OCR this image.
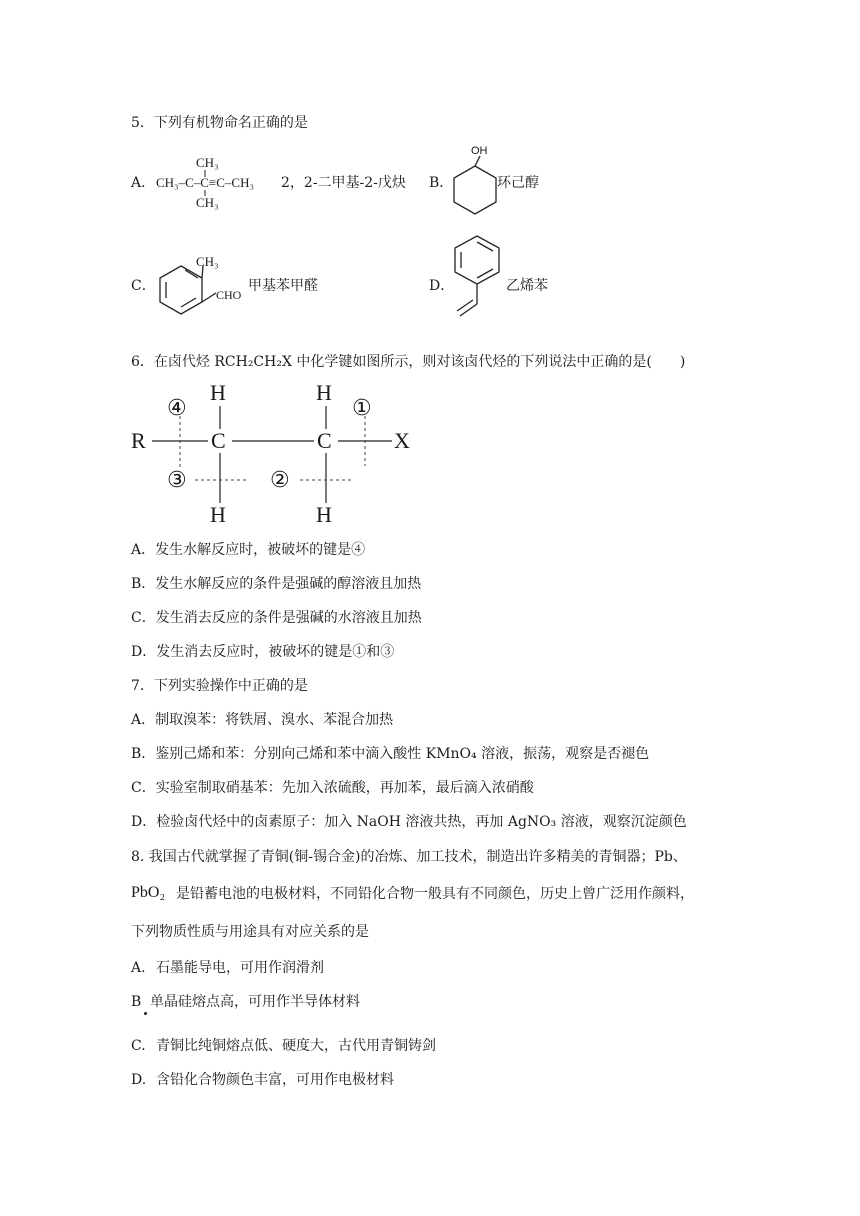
5．下列有机物命名正确的是
A．
CH₃
CH₃–C–C≡C–CH₃
CH₃
2，2-二甲基-2-戊炔 B．
OH
环己醇
C．
CH₃
CHO
甲基苯甲醛	D．	乙烯苯
6．在卤代烃 RCH₂CH₂X 中化学键如图所示，则对该卤代烃的下列说法中正确的是(　　)
R	C	C	X
H	H
H	H
④	①
③	②
A．发生水解反应时，被破坏的键是④
B．发生水解反应的条件是强碱的醇溶液且加热
C．发生消去反应的条件是强碱的水溶液且加热
D．发生消去反应时，被破坏的键是①和③
7．下列实验操作中正确的是
A．制取溴苯：将铁屑、溴水、苯混合加热
B．鉴别己烯和苯：分别向己烯和苯中滴入酸性 KMnO₄ 溶液，振荡，观察是否褪色
C．实验室制取硝基苯：先加入浓硫酸，再加苯，最后滴入浓硝酸
D．检验卤代烃中的卤素原子：加入 NaOH 溶液共热，再加 AgNO₃ 溶液，观察沉淀颜色
8. 我国古代就掌握了青铜(铜-锡合金)的冶炼、加工技术，制造出许多精美的青铜器；Pb、
PbO₂ 是铅蓄电池的电极材料，不同铅化合物一般具有不同颜色，历史上曾广泛用作颜料，
下列物质性质与用途具有对应关系的是
A. 石墨能导电，可用作润滑剂
B 单晶硅熔点高，可用作半导体材料
C. 青铜比纯铜熔点低、硬度大，古代用青铜铸剑
D. 含铅化合物颜色丰富，可用作电极材料
